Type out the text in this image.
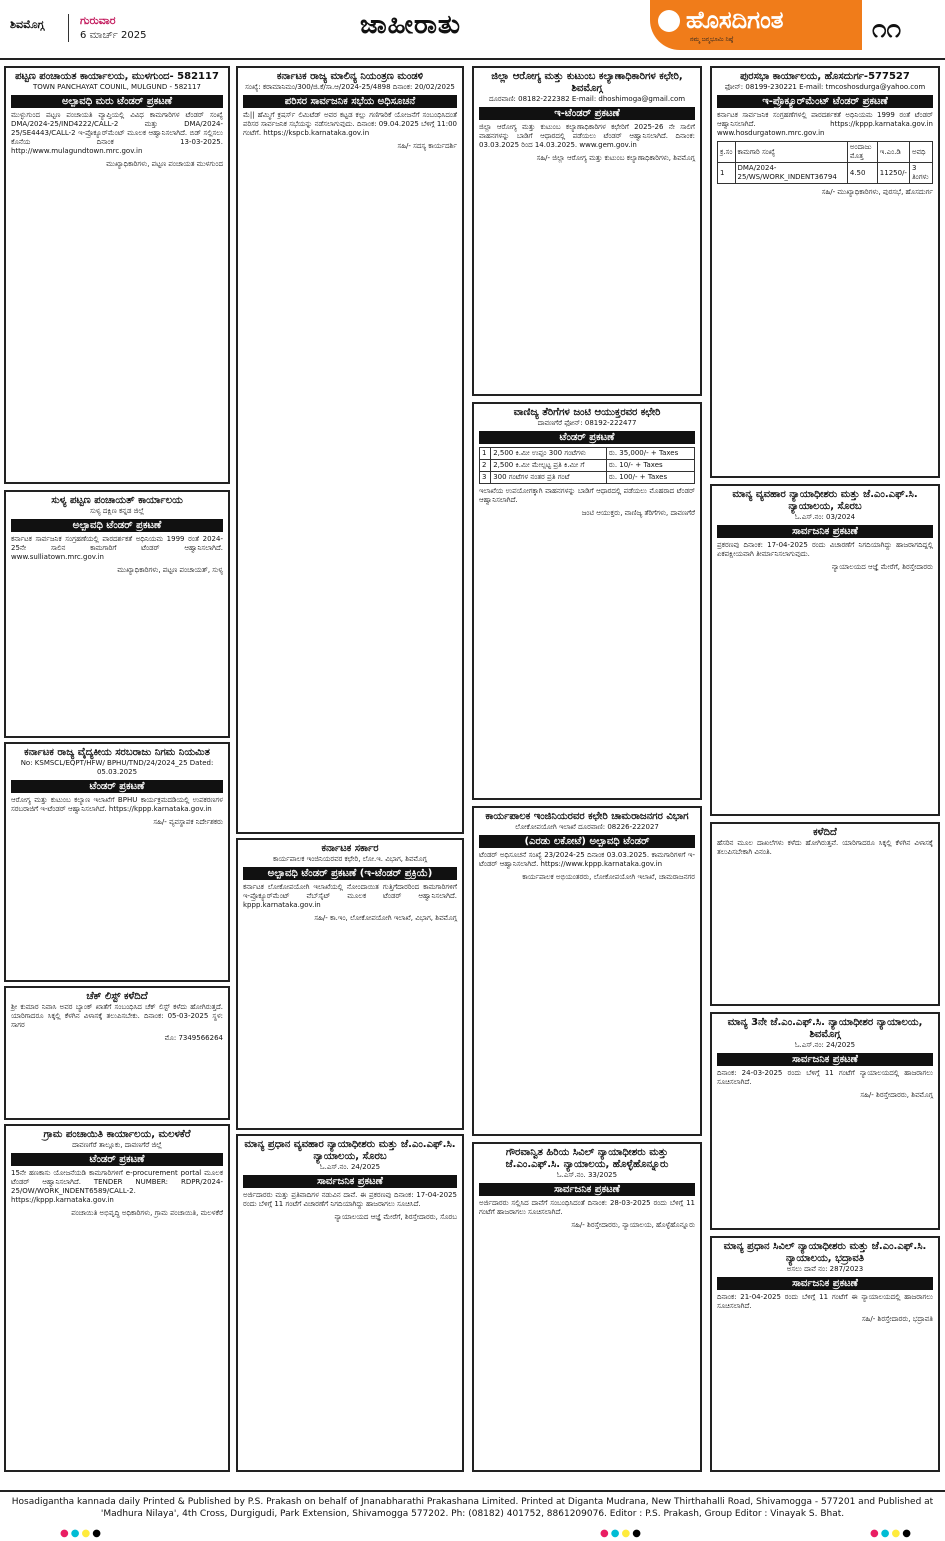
ಶಿವಮೊಗ್ಗ	ಗುರುವಾರ
6 ಮಾರ್ಚ್ 2025	ಜಾಹೀರಾತು	ಹೊಸದಿಗಂತ
ನಮ್ಮ ಜನ್ಮಭೂಮಿ ನಿಷ್ಠೆ	೧೧
ಪಟ್ಟಣ ಪಂಚಾಯತ ಕಾರ್ಯಾಲಯ, ಮುಳಗುಂದ- 582117
TOWN PANCHAYAT COUNIL, MULGUND - 582117
ಅಲ್ಪಾವಧಿ ಮರು ಟೆಂಡರ್ ಪ್ರಕಟಣೆ
ಮುಳ್ಳುಗುಂದ ಪಟ್ಟಣ ಪಂಚಾಯತಿ ವ್ಯಾಪ್ತಿಯಲ್ಲಿ ವಿವಿಧ ಕಾಮಗಾರಿಗಳ ಟೆಂಡರ್ ಸಂಖ್ಯೆ DMA/2024-25/IND4222/CALL-2 ಮತ್ತು DMA/2024-25/SE4443/CALL-2 ಇ-ಪ್ರೊಕ್ಯೂರ್‌ಮೆಂಟ್ ಮೂಲಕ ಆಹ್ವಾನಿಸಲಾಗಿದೆ. ಬಿಡ್ ಸಲ್ಲಿಸಲು ಕೊನೆಯ ದಿನಾಂಕ 13-03-2025. http://www.mulagundtown.mrc.gov.in
ಮುಖ್ಯಾಧಿಕಾರಿಗಳು, ಪಟ್ಟಣ ಪಂಚಾಯತ ಮುಳಗುಂದ
ಸುಳ್ಯ ಪಟ್ಟಣ ಪಂಚಾಯತ್ ಕಾರ್ಯಾಲಯ
ಸುಳ್ಯ ದಕ್ಷಿಣ ಕನ್ನಡ ಜಿಲ್ಲೆ
ಅಲ್ಪಾವಧಿ ಟೆಂಡರ್ ಪ್ರಕಟಣೆ
ಕರ್ನಾಟಕ ಸಾರ್ವಜನಿಕ ಸಂಗ್ರಹಣೆಯಲ್ಲಿ ಪಾರದರ್ಶಕತೆ ಅಧಿನಿಯಮ 1999 ರಂತೆ 2024-25ನೇ ಸಾಲಿನ ಕಾಮಗಾರಿಗೆ ಟೆಂಡರ್ ಆಹ್ವಾನಿಸಲಾಗಿದೆ. www.sulliatown.mrc.gov.in
ಮುಖ್ಯಾಧಿಕಾರಿಗಳು, ಪಟ್ಟಣ ಪಂಚಾಯತ್, ಸುಳ್ಯ
ಕರ್ನಾಟಕ ರಾಜ್ಯ ವೈದ್ಯಕೀಯ ಸರಬರಾಜು ನಿಗಮ ನಿಯಮಿತ
No: KSMSCL/EQPT/HFW/ BPHU/TND/24/2024_25 Dated: 05.03.2025
ಟೆಂಡರ್ ಪ್ರಕಟಣೆ
ಆರೋಗ್ಯ ಮತ್ತು ಕುಟುಂಬ ಕಲ್ಯಾಣ ಇಲಾಖೆಗೆ BPHU ಕಾರ್ಯಕ್ರಮದಡಿಯಲ್ಲಿ ಉಪಕರಣಗಳ ಸರಬರಾಜಿಗೆ ಇ-ಟೆಂಡರ್ ಆಹ್ವಾನಿಸಲಾಗಿದೆ. https://kppp.karnataka.gov.in
ಸಹಿ/- ವ್ಯವಸ್ಥಾಪಕ ನಿರ್ದೇಶಕರು
ಚೆಕ್ ಲಿಸ್ಟ್ ಕಳೆದಿದೆ
ಶ್ರೀ ಕುಮಾರ ನಿವಾಸಿ ಅವರ ಬ್ಯಾಂಕ್ ಖಾತೆಗೆ ಸಂಬಂಧಿಸಿದ ಚೆಕ್ ಲಿಸ್ಟ್ ಕಳೆದು ಹೋಗಿರುತ್ತದೆ. ಯಾರಿಗಾದರೂ ಸಿಕ್ಕಲ್ಲಿ ಕೆಳಗಿನ ವಿಳಾಸಕ್ಕೆ ತಲುಪಿಸಬೇಕು. ದಿನಾಂಕ: 05-03-2025 ಸ್ಥಳ: ಸಾಗರ
ಮೊ: 7349566264
ಗ್ರಾಮ ಪಂಚಾಯಿತಿ ಕಾರ್ಯಾಲಯ, ಮಲಳಕೆರೆ
ದಾವಣಗೆರೆ ತಾಲ್ಲೂಕು, ದಾವಣಗೆರೆ ಜಿಲ್ಲೆ
ಟೆಂಡರ್ ಪ್ರಕಟಣೆ
15ನೇ ಹಣಕಾಸು ಯೋಜನೆಯಡಿ ಕಾಮಗಾರಿಗಳಿಗೆ e-procurement portal ಮೂಲಕ ಟೆಂಡರ್ ಆಹ್ವಾನಿಸಲಾಗಿದೆ. TENDER NUMBER: RDPR/2024-25/OW/WORK_INDENT6589/CALL-2. https://kppp.karnataka.gov.in
ಪಂಚಾಯಿತಿ ಅಭಿವೃದ್ಧಿ ಅಧಿಕಾರಿಗಳು, ಗ್ರಾಮ ಪಂಚಾಯಿತಿ, ಮಲಳಕೆರೆ
ಕರ್ನಾಟಕ ರಾಜ್ಯ ಮಾಲಿನ್ಯ ನಿಯಂತ್ರಣ ಮಂಡಳಿ
ಸಂಖ್ಯೆ: ಕರಾಮಾನಿಮಂ/300/ಜಿ.ಕೆ/ಸಾ.ಆ/2024-25/4898 ದಿನಾಂಕ: 20/02/2025
ಪರಿಸರ ಸಾರ್ವಜನಿಕ ಸಭೆಯ ಅಧಿಸೂಚನೆ
ಮೆ|| ಹೆಮ್ಮಿಗೆ ಕ್ರಷರ್ಸ್ ಲಿಮಿಟೆಡ್ ಅವರ ಕಟ್ಟಡ ಕಲ್ಲು ಗಣಿಗಾರಿಕೆ ಯೋಜನೆಗೆ ಸಂಬಂಧಿಸಿದಂತೆ ಪರಿಸರ ಸಾರ್ವಜನಿಕ ಸಭೆಯನ್ನು ನಡೆಸಲಾಗುವುದು. ದಿನಾಂಕ: 09.04.2025 ಬೆಳಿಗ್ಗೆ 11:00 ಗಂಟೆಗೆ. https://kspcb.karnataka.gov.in
ಸಹಿ/- ಸದಸ್ಯ ಕಾರ್ಯದರ್ಶಿ
ಕರ್ನಾಟಕ ಸರ್ಕಾರ
ಕಾರ್ಯಪಾಲಕ ಇಂಜಿನಿಯರವರ ಕಛೇರಿ, ಲೋ.ಇ. ವಿಭಾಗ, ಶಿವಮೊಗ್ಗ
ಅಲ್ಪಾವಧಿ ಟೆಂಡರ್ ಪ್ರಕಟಣೆ (ಇ-ಟೆಂಡರ್ ಪ್ರಕ್ರಿಯೆ)
ಕರ್ನಾಟಕ ಲೋಕೋಪಯೋಗಿ ಇಲಾಖೆಯಲ್ಲಿ ನೋಂದಾಯಿತ ಗುತ್ತಿಗೆದಾರರಿಂದ ಕಾಮಗಾರಿಗಳಿಗೆ ಇ-ಪ್ರೊಕ್ಯೂರ್‌ಮೆಂಟ್ ವೆಬ್‌ಸೈಟ್ ಮೂಲಕ ಟೆಂಡರ್ ಆಹ್ವಾನಿಸಲಾಗಿದೆ. kppp.karnataka.gov.in
ಸಹಿ/- ಕಾ.ಇಂ, ಲೋಕೋಪಯೋಗಿ ಇಲಾಖೆ, ವಿಭಾಗ, ಶಿವಮೊಗ್ಗ
ಮಾನ್ಯ ಪ್ರಧಾನ ವ್ಯವಹಾರ ನ್ಯಾಯಾಧೀಶರು ಮತ್ತು ಜೆ.ಎಂ.ಎಫ್.ಸಿ. ನ್ಯಾಯಾಲಯ, ಸೊರಬ
ಓ.ಎಸ್.ನಂ. 24/2025
ಸಾರ್ವಜನಿಕ ಪ್ರಕಟಣೆ
ಅರ್ಜಿದಾರರು ಮತ್ತು ಪ್ರತಿವಾದಿಗಳ ನಡುವಿನ ದಾವೆ. ಈ ಪ್ರಕರಣವು ದಿನಾಂಕ: 17-04-2025 ರಂದು ಬೆಳಿಗ್ಗೆ 11 ಗಂಟೆಗೆ ವಿಚಾರಣೆಗೆ ನಿಗದಿಯಾಗಿದ್ದು ಹಾಜರಾಗಲು ಸೂಚಿಸಿದೆ.
ನ್ಯಾಯಾಲಯದ ಆಜ್ಞೆ ಮೇರೆಗೆ, ಶಿರಸ್ತೇದಾರರು, ಸೊರಬ
ಜಿಲ್ಲಾ ಆರೋಗ್ಯ ಮತ್ತು ಕುಟುಂಬ ಕಲ್ಯಾಣಾಧಿಕಾರಿಗಳ ಕಛೇರಿ, ಶಿವಮೊಗ್ಗ
ದೂರವಾಣಿ: 08182-222382 E-mail: dhoshimoga@gmail.com
ಇ-ಟೆಂಡರ್ ಪ್ರಕಟಣೆ
ಜಿಲ್ಲಾ ಆರೋಗ್ಯ ಮತ್ತು ಕುಟುಂಬ ಕಲ್ಯಾಣಾಧಿಕಾರಿಗಳ ಕಛೇರಿಗೆ 2025-26 ನೇ ಸಾಲಿಗೆ ವಾಹನಗಳನ್ನು ಬಾಡಿಗೆ ಆಧಾರದಲ್ಲಿ ಪಡೆಯಲು ಟೆಂಡರ್ ಆಹ್ವಾನಿಸಲಾಗಿದೆ. ದಿನಾಂಕ: 03.03.2025 ರಿಂದ 14.03.2025. www.gem.gov.in
ಸಹಿ/- ಜಿಲ್ಲಾ ಆರೋಗ್ಯ ಮತ್ತು ಕುಟುಂಬ ಕಲ್ಯಾಣಾಧಿಕಾರಿಗಳು, ಶಿವಮೊಗ್ಗ
ವಾಣಿಜ್ಯ ತೆರಿಗೆಗಳ ಜಂಟಿ ಆಯುಕ್ತರವರ ಕಛೇರಿ
ದಾವಣಗೆರೆ ಫೋನ್: 08192-222477
ಟೆಂಡರ್ ಪ್ರಕಟಣೆ
1	2,500 ಕಿ.ಮೀ ಉಪ್ಪಂ 300 ಗಂಟೆಗಳು	ರು. 35,000/- + Taxes
2	2,500 ಕಿ.ಮೀ ಮೇಲ್ಪಟ್ಟ ಪ್ರತಿ ಕಿ.ಮೀ ಗೆ	ರು. 10/- + Taxes
3	300 ಗಂಟೆಗಳ ನಂತರ ಪ್ರತಿ ಗಂಟೆ	ರು. 100/- + Taxes
ಇಲಾಖೆಯ ಉಪಯೋಗಕ್ಕಾಗಿ ವಾಹನಗಳನ್ನು ಬಾಡಿಗೆ ಆಧಾರದಲ್ಲಿ ಪಡೆಯಲು ಮೊಹರಾದ ಟೆಂಡರ್ ಆಹ್ವಾನಿಸಲಾಗಿದೆ.
ಜಂಟಿ ಆಯುಕ್ತರು, ವಾಣಿಜ್ಯ ತೆರಿಗೆಗಳು, ದಾವಣಗೆರೆ
ಕಾರ್ಯಪಾಲಕ ಇಂಜಿನಿಯರವರ ಕಛೇರಿ ಚಾಮರಾಜನಗರ ವಿಭಾಗ
ಲೋಕೋಪಯೋಗಿ ಇಲಾಖೆ ದೂರವಾಣಿ: 08226-222027
(ಎರಡು ಲಕೋಟೆ) ಅಲ್ಪಾವಧಿ ಟೆಂಡರ್
ಟೆಂಡರ್ ಅಧಿಸೂಚನೆ ಸಂಖ್ಯೆ 23/2024-25 ದಿನಾಂಕ 03.03.2025. ಕಾಮಗಾರಿಗಳಿಗೆ ಇ-ಟೆಂಡರ್ ಆಹ್ವಾನಿಸಲಾಗಿದೆ. https://www.kppp.karnataka.gov.in
ಕಾರ್ಯಪಾಲಕ ಅಭಿಯಂತರರು, ಲೋಕೋಪಯೋಗಿ ಇಲಾಖೆ, ಚಾಮರಾಜನಗರ
ಗೌರವಾನ್ವಿತ ಹಿರಿಯ ಸಿವಿಲ್ ನ್ಯಾಯಾಧೀಶರು ಮತ್ತು ಜೆ.ಎಂ.ಎಫ್.ಸಿ. ನ್ಯಾಯಾಲಯ, ಹೊಳ್ಳೆಹೊನ್ನೂರು
ಓ.ಎಸ್.ನಂ. 33/2025
ಸಾರ್ವಜನಿಕ ಪ್ರಕಟಣೆ
ಅರ್ಜಿದಾರರು ಸಲ್ಲಿಸಿದ ದಾವೆಗೆ ಸಂಬಂಧಿಸಿದಂತೆ ದಿನಾಂಕ: 28-03-2025 ರಂದು ಬೆಳಿಗ್ಗೆ 11 ಗಂಟೆಗೆ ಹಾಜರಾಗಲು ಸೂಚಿಸಲಾಗಿದೆ.
ಸಹಿ/- ಶಿರಸ್ತೇದಾರರು, ನ್ಯಾಯಾಲಯ, ಹೊಳ್ಳೆಹೊನ್ನೂರು
ಪುರಸಭಾ ಕಾರ್ಯಾಲಯ, ಹೊಸದುರ್ಗ-577527
ಫೋನ್: 08199-230221 E-mail: tmcoshosdurga@yahoo.com
ಇ-ಪ್ರೊಕ್ಯೂರ್‌ಮೆಂಟ್ ಟೆಂಡರ್ ಪ್ರಕಟಣೆ
ಕರ್ನಾಟಕ ಸಾರ್ವಜನಿಕ ಸಂಗ್ರಹಣೆಗಳಲ್ಲಿ ಪಾರದರ್ಶಕತೆ ಅಧಿನಿಯಮ 1999 ರಂತೆ ಟೆಂಡರ್ ಆಹ್ವಾನಿಸಲಾಗಿದೆ. https://kppp.karnataka.gov.in www.hosdurgatown.mrc.gov.in
ಕ್ರ.ಸಂ	ಕಾಮಗಾರಿ ಸಂಖ್ಯೆ	ಅಂದಾಜು ಮೊತ್ತ	ಇ.ಎಂ.ಡಿ	ಅವಧಿ
1	DMA/2024-25/WS/WORK_INDENT36794	4.50	11250/-	3 ತಿಂಗಳು
ಸಹಿ/- ಮುಖ್ಯಾಧಿಕಾರಿಗಳು, ಪುರಸಭೆ, ಹೊಸದುರ್ಗ
ಮಾನ್ಯ ವ್ಯವಹಾರ ನ್ಯಾಯಾಧೀಶರು ಮತ್ತು ಜೆ.ಎಂ.ಎಫ್.ಸಿ. ನ್ಯಾಯಾಲಯ, ಸೊರಬ
ಓ.ಎಸ್.ನಂ: 03/2024
ಸಾರ್ವಜನಿಕ ಪ್ರಕಟಣೆ
ಪ್ರಕರಣವು ದಿನಾಂಕ: 17-04-2025 ರಂದು ವಿಚಾರಣೆಗೆ ನಿಗದಿಯಾಗಿದ್ದು ಹಾಜರಾಗದಿದ್ದಲ್ಲಿ ಏಕಪಕ್ಷೀಯವಾಗಿ ತೀರ್ಮಾನಿಸಲಾಗುವುದು.
ನ್ಯಾಯಾಲಯದ ಆಜ್ಞೆ ಮೇರೆಗೆ, ಶಿರಸ್ತೇದಾರರು
ಕಳೆದಿದೆ
ಹೆಸರಿನ ಮೂಲ ದಾಖಲೆಗಳು ಕಳೆದು ಹೋಗಿರುತ್ತವೆ. ಯಾರಿಗಾದರೂ ಸಿಕ್ಕಲ್ಲಿ ಕೆಳಗಿನ ವಿಳಾಸಕ್ಕೆ ತಲುಪಿಸಬೇಕಾಗಿ ವಿನಂತಿ.
ಮಾನ್ಯ 3ನೇ ಜೆ.ಎಂ.ಎಫ್.ಸಿ. ನ್ಯಾಯಾಧೀಶರ ನ್ಯಾಯಾಲಯ, ಶಿವಮೊಗ್ಗ
ಓ.ಎಸ್.ನಂ: 24/2025
ಸಾರ್ವಜನಿಕ ಪ್ರಕಟಣೆ
ದಿನಾಂಕ: 24-03-2025 ರಂದು ಬೆಳಿಗ್ಗೆ 11 ಗಂಟೆಗೆ ನ್ಯಾಯಾಲಯದಲ್ಲಿ ಹಾಜರಾಗಲು ಸೂಚಿಸಲಾಗಿದೆ.
ಸಹಿ/- ಶಿರಸ್ತೇದಾರರು, ಶಿವಮೊಗ್ಗ
ಮಾನ್ಯ ಪ್ರಧಾನ ಸಿವಿಲ್ ನ್ಯಾಯಾಧೀಶರು ಮತ್ತು ಜೆ.ಎಂ.ಎಫ್.ಸಿ. ನ್ಯಾಯಾಲಯ, ಭದ್ರಾವತಿ
ಅಸಲು ದಾವೆ ನಂ: 287/2023
ಸಾರ್ವಜನಿಕ ಪ್ರಕಟಣೆ
ದಿನಾಂಕ: 21-04-2025 ರಂದು ಬೆಳಿಗ್ಗೆ 11 ಗಂಟೆಗೆ ಈ ನ್ಯಾಯಾಲಯದಲ್ಲಿ ಹಾಜರಾಗಲು ಸೂಚಿಸಲಾಗಿದೆ.
ಸಹಿ/- ಶಿರಸ್ತೇದಾರರು, ಭದ್ರಾವತಿ
Hosadigantha kannada daily Printed & Published by P.S. Prakash on behalf of Jnanabharathi Prakashana Limited. Printed at Diganta Mudrana, New Thirthahalli Road, Shivamogga - 577201 and Published at 'Madhura Nilaya', 4th Cross, Durgigudi, Park Extension, Shivamogga 577202. Ph: (08182) 401752, 8861209076. Editor : P.S. Prakash, Group Editor : Vinayak S. Bhat.
●●●●	●●●●	●●●●
